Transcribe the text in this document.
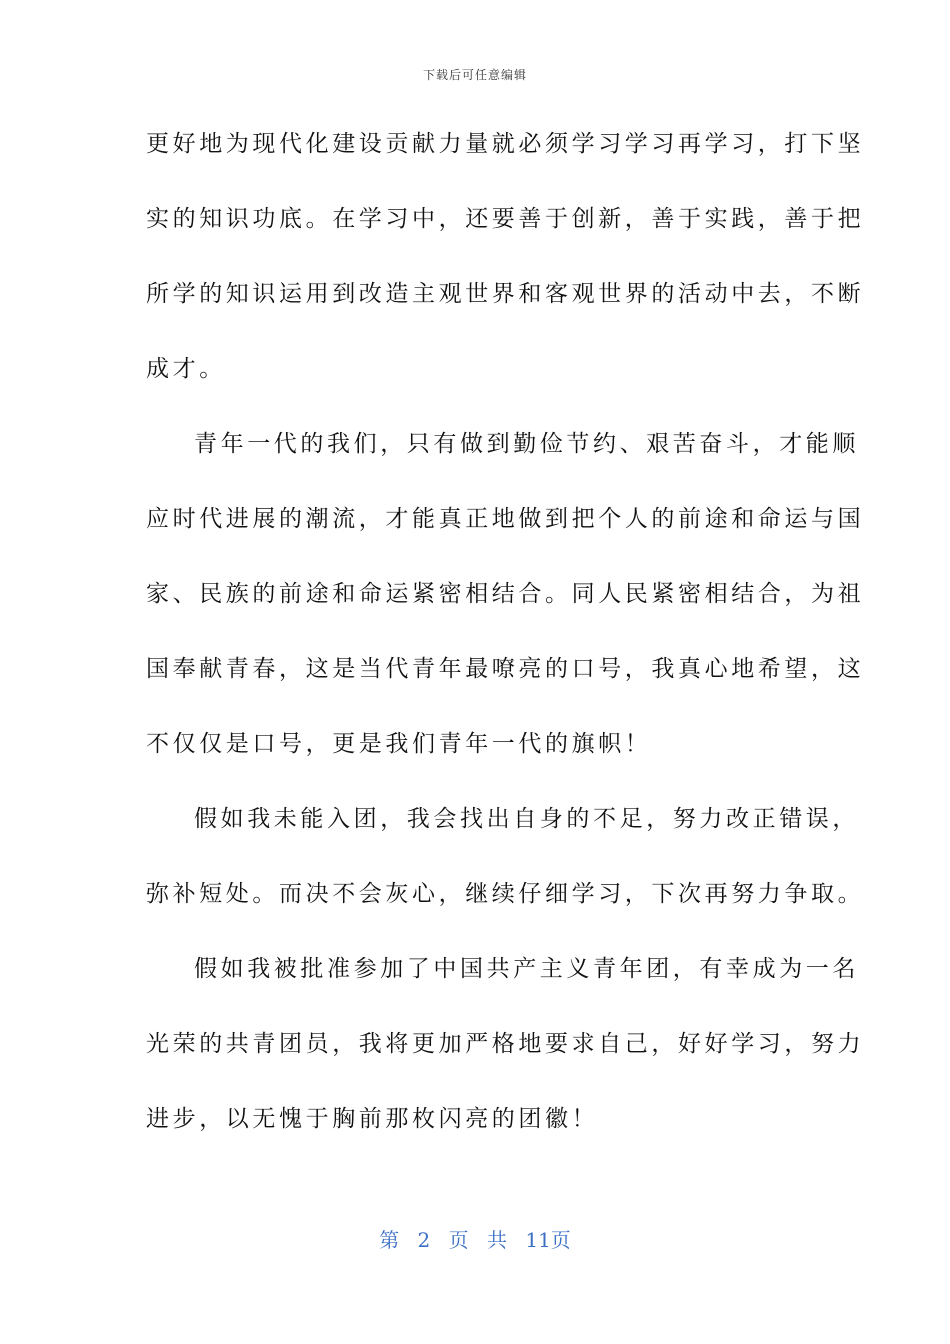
下载后可任意编辑
更好地为现代化建设贡献力量就必须学习学习再学习，打下坚
实的知识功底。在学习中，还要善于创新，善于实践，善于把
所学的知识运用到改造主观世界和客观世界的活动中去，不断
成才。
青年一代的我们，只有做到勤俭节约、艰苦奋斗，才能顺
应时代进展的潮流，才能真正地做到把个人的前途和命运与国
家、民族的前途和命运紧密相结合。同人民紧密相结合，为祖
国奉献青春，这是当代青年最嘹亮的口号，我真心地希望，这
不仅仅是口号，更是我们青年一代的旗帜！
假如我未能入团，我会找出自身的不足，努力改正错误，
弥补短处。而决不会灰心，继续仔细学习，下次再努力争取。
假如我被批准参加了中国共产主义青年团，有幸成为一名
光荣的共青团员，我将更加严格地要求自己，好好学习，努力
进步，以无愧于胸前那枚闪亮的团徽！
第 2 页 共 11页
